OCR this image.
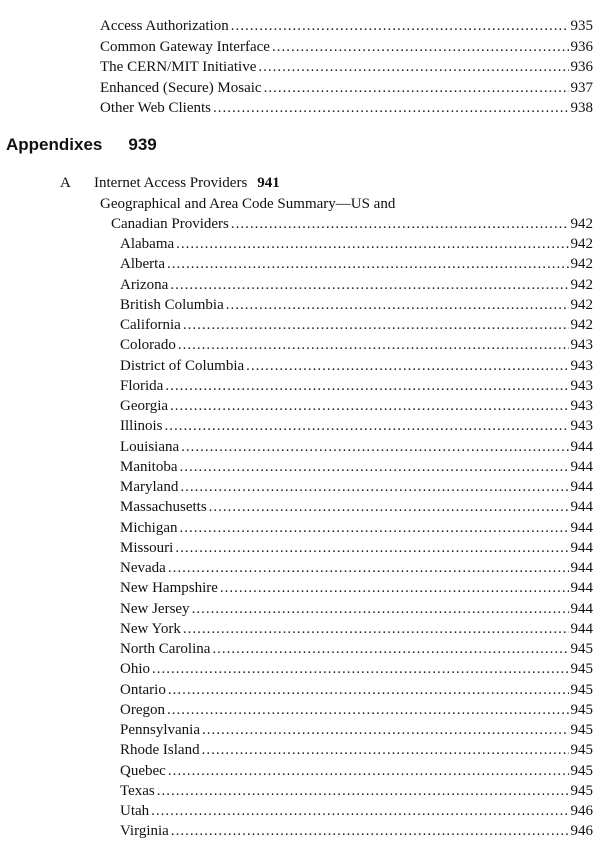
Access Authorization .....	935
Common Gateway Interface .....	936
The CERN/MIT Initiative .....	936
Enhanced (Secure) Mosaic .....	937
Other Web Clients .....	938
Appendixes 939
A Internet Access Providers 941
Geographical and Area Code Summary—US and
Canadian Providers .....	942
Alabama .....	942
Alberta .....	942
Arizona .....	942
British Columbia .....	942
California .....	942
Colorado .....	943
District of Columbia .....	943
Florida .....	943
Georgia .....	943
Illinois .....	943
Louisiana .....	944
Manitoba .....	944
Maryland .....	944
Massachusetts .....	944
Michigan .....	944
Missouri .....	944
Nevada .....	944
New Hampshire .....	944
New Jersey .....	944
New York .....	944
North Carolina .....	945
Ohio .....	945
Ontario .....	945
Oregon .....	945
Pennsylvania .....	945
Rhode Island .....	945
Quebec .....	945
Texas .....	945
Utah .....	946
Virginia .....	946
